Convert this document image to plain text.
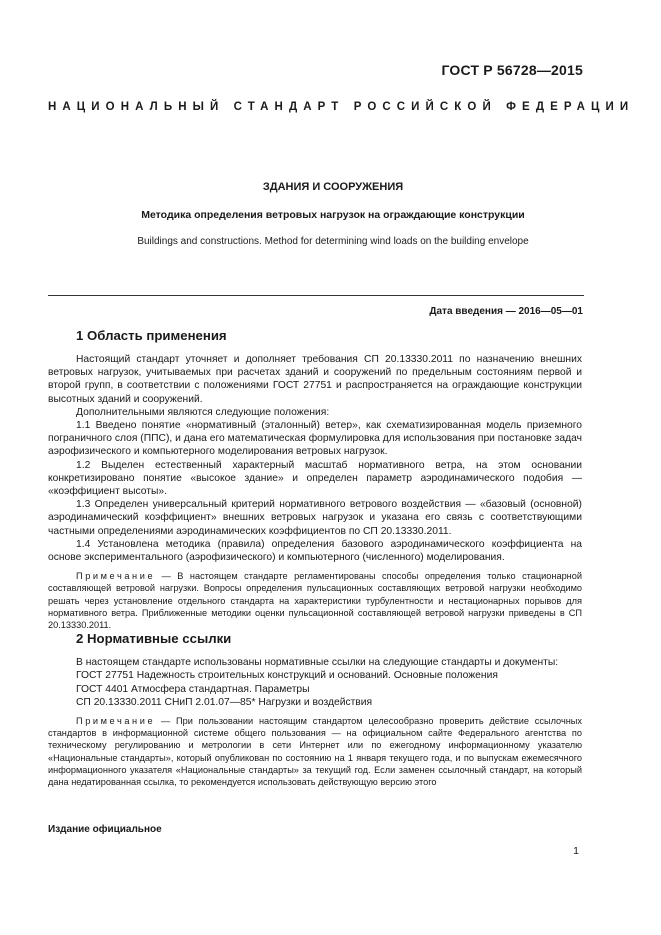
ГОСТ Р 56728—2015
НАЦИОНАЛЬНЫЙ СТАНДАРТ РОССИЙСКОЙ ФЕДЕРАЦИИ
ЗДАНИЯ И СООРУЖЕНИЯ
Методика определения ветровых нагрузок на ограждающие конструкции
Buildings and constructions. Method for determining wind loads on the building envelope
Дата введения — 2016—05—01
1 Область применения

Настоящий стандарт уточняет и дополняет требования СП 20.13330.2011 по назначению внешних ветровых нагрузок, учитываемых при расчетах зданий и сооружений по предельным состояниям первой и второй групп, в соответствии с положениями ГОСТ 27751 и распространяется на ограждающие конструкции высотных зданий и сооружений.

Дополнительными являются следующие положения:

1.1 Введено понятие «нормативный (эталонный) ветер», как схематизированная модель приземного пограничного слоя (ППС), и дана его математическая формулировка для использования при постановке задач аэрофизического и компьютерного моделирования ветровых нагрузок.

1.2 Выделен естественный характерный масштаб нормативного ветра, на этом основании конкретизировано понятие «высокое здание» и определен параметр аэродинамического подобия — «коэффициент высоты».

1.3 Определен универсальный критерий нормативного ветрового воздействия — «базовый (основной) аэродинамический коэффициент» внешних ветровых нагрузок и указана его связь с соответствующими частными определениями аэродинамических коэффициентов по СП 20.13330.2011.

1.4 Установлена методика (правила) определения базового аэродинамического коэффициента на основе экспериментального (аэрофизического) и компьютерного (численного) моделирования.

Примечание — В настоящем стандарте регламентированы способы определения только стационарной составляющей ветровой нагрузки. Вопросы определения пульсационных составляющих ветровой нагрузки необходимо решать через установление отдельного стандарта на характеристики турбулентности и нестационарных порывов для нормативного ветра. Приближенные методики оценки пульсационной составляющей ветровой нагрузки приведены в СП 20.13330.2011.

2 Нормативные ссылки

В настоящем стандарте использованы нормативные ссылки на следующие стандарты и документы:

ГОСТ 27751 Надежность строительных конструкций и оснований. Основные положения

ГОСТ 4401 Атмосфера стандартная. Параметры

СП 20.13330.2011 СНиП 2.01.07—85* Нагрузки и воздействия

Примечание — При пользовании настоящим стандартом целесообразно проверить действие ссылочных стандартов в информационной системе общего пользования — на официальном сайте Федерального агентства по техническому регулированию и метрологии в сети Интернет или по ежегодному информационному указателю «Национальные стандарты», который опубликован по состоянию на 1 января текущего года, и по выпускам ежемесячного информационного указателя «Национальные стандарты» за текущий год. Если заменен ссылочный стандарт, на который дана недатированная ссылка, то рекомендуется использовать действующую версию этого

Издание официальное
1
